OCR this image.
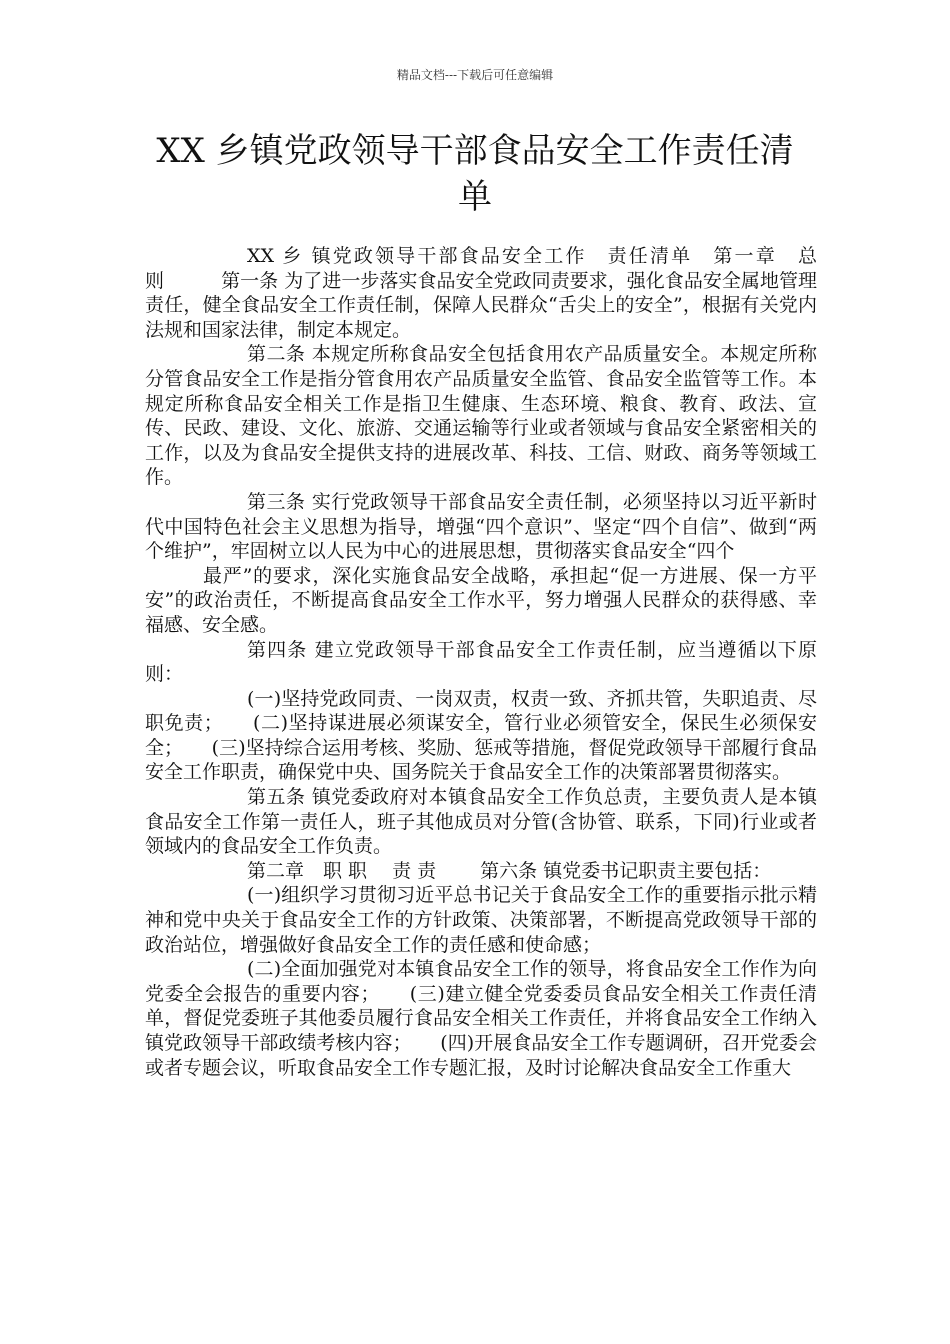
精品文档---下载后可任意编辑
XX 乡镇党政领导干部食品安全工作责任清单

XX 乡 镇党政领导干部食品安全工作　责任清单　第一章　总　　则　　　第一条 为了进一步落实食品安全党政同责要求，强化食品安全属地管理责任，健全食品安全工作责任制，保障人民群众“舌尖上的安全”，根据有关党内法规和国家法律，制定本规定。

第二条 本规定所称食品安全包括食用农产品质量安全。本规定所称分管食品安全工作是指分管食用农产品质量安全监管、食品安全监管等工作。本规定所称食品安全相关工作是指卫生健康、生态环境、粮食、教育、政法、宣传、民政、建设、文化、旅游、交通运输等行业或者领域与食品安全紧密相关的工作，以及为食品安全提供支持的进展改革、科技、工信、财政、商务等领域工作。

第三条 实行党政领导干部食品安全责任制，必须坚持以习近平新时代中国特色社会主义思想为指导，增强“四个意识”、坚定“四个自信”、做到“两个维护”，牢固树立以人民为中心的进展思想，贯彻落实食品安全“四个

最严”的要求，深化实施食品安全战略，承担起“促一方进展、保一方平安”的政治责任，不断提高食品安全工作水平，努力增强人民群众的获得感、幸福感、安全感。

第四条 建立党政领导干部食品安全工作责任制，应当遵循以下原则：

(一)坚持党政同责、一岗双责，权责一致、齐抓共管，失职追责、尽职免责；　　(二)坚持谋进展必须谋安全，管行业必须管安全，保民生必须保安全；　　(三)坚持综合运用考核、奖励、惩戒等措施，督促党政领导干部履行食品安全工作职责，确保党中央、国务院关于食品安全工作的决策部署贯彻落实。

第五条 镇党委政府对本镇食品安全工作负总责，主要负责人是本镇食品安全工作第一责任人，班子其他成员对分管(含协管、联系，下同)行业或者领域内的食品安全工作负责。

第二章　职 职　 责 责　　 第六条 镇党委书记职责主要包括：

(一)组织学习贯彻习近平总书记关于食品安全工作的重要指示批示精神和党中央关于食品安全工作的方针政策、决策部署，不断提高党政领导干部的政治站位，增强做好食品安全工作的责任感和使命感；

(二)全面加强党对本镇食品安全工作的领导，将食品安全工作作为向党委全会报告的重要内容；　　(三)建立健全党委委员食品安全相关工作责任清单，督促党委班子其他委员履行食品安全相关工作责任，并将食品安全工作纳入镇党政领导干部政绩考核内容；　　(四)开展食品安全工作专题调研，召开党委会或者专题会议，听取食品安全工作专题汇报，及时讨论解决食品安全工作重大
